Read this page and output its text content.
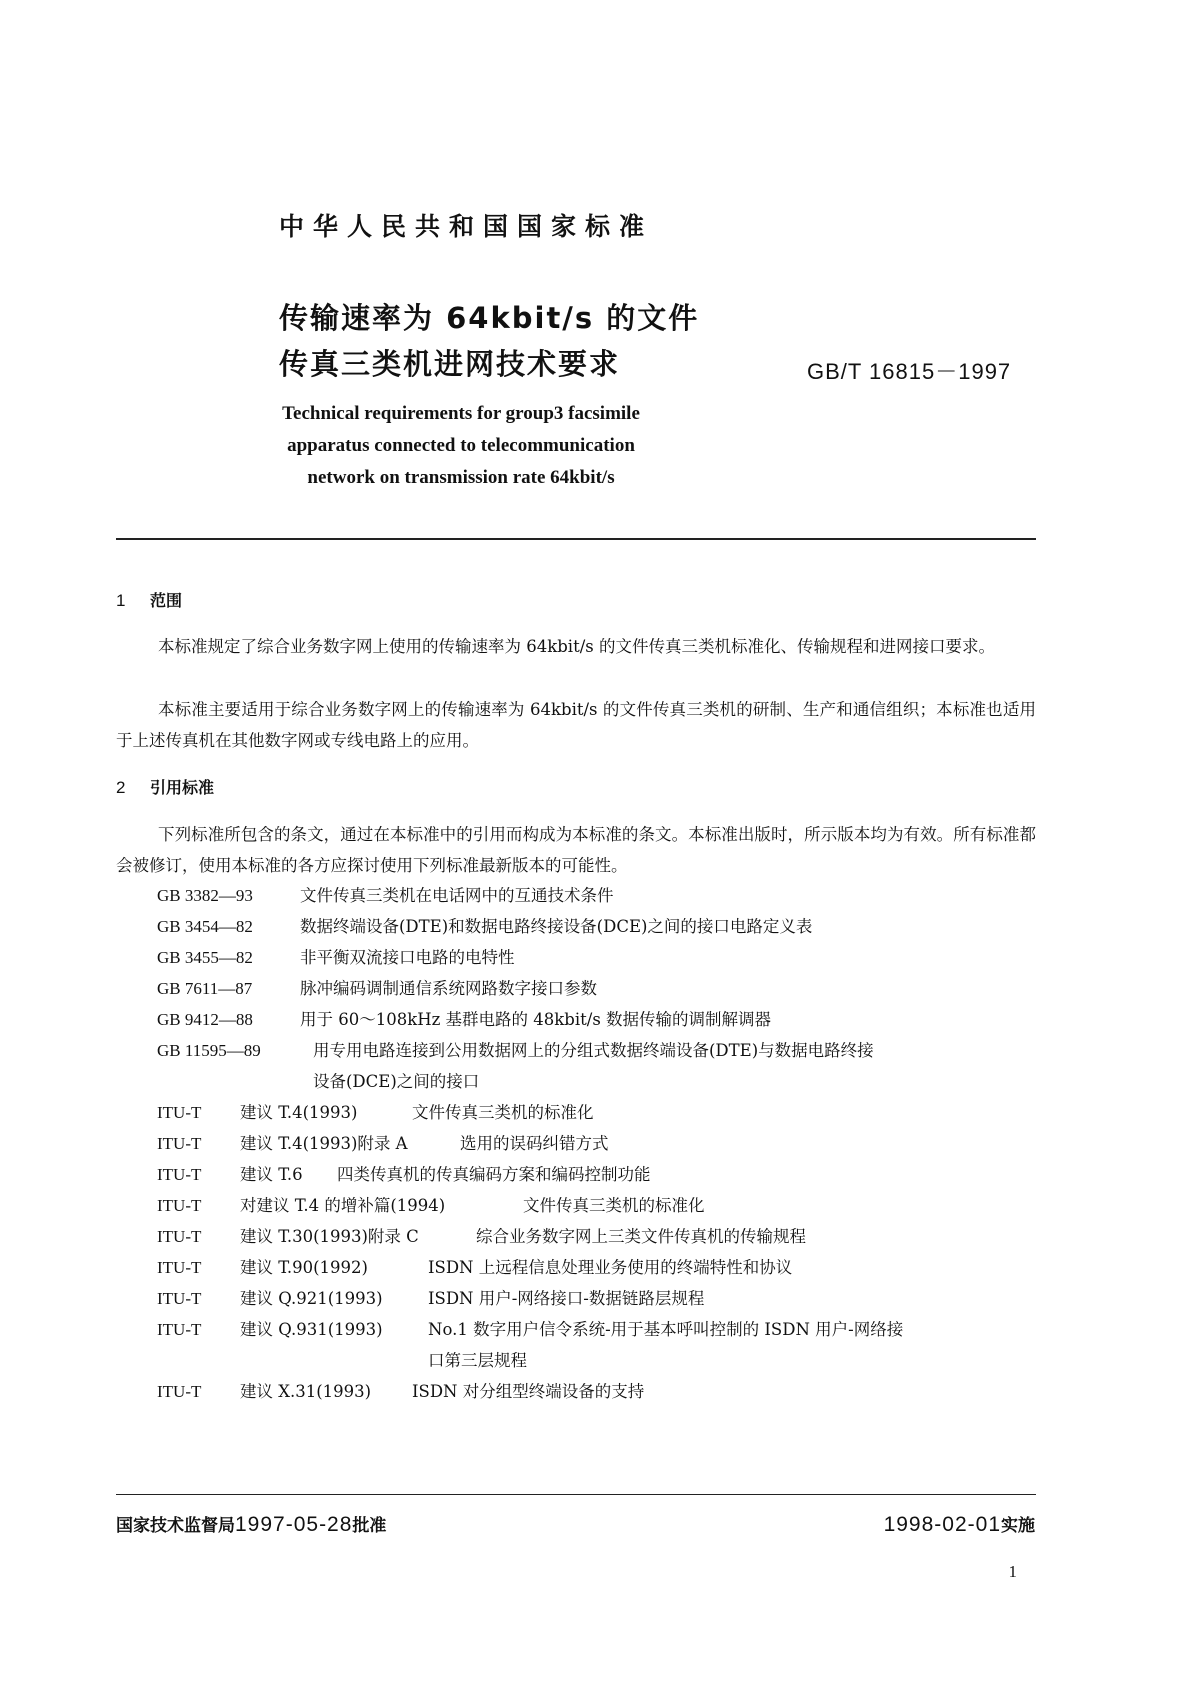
中华人民共和国国家标准
传输速率为 64kbit/s 的文件
传真三类机进网技术要求	GB/T 16815－1997
Technical requirements for group3 facsimile
apparatus connected to telecommunication
network on transmission rate 64kbit/s
1 范围
本标准规定了综合业务数字网上使用的传输速率为 64kbit/s 的文件传真三类机标准化、传输规程和进网接口要求。
本标准主要适用于综合业务数字网上的传输速率为 64kbit/s 的文件传真三类机的研制、生产和通信组织；本标准也适用于上述传真机在其他数字网或专线电路上的应用。
2 引用标准
下列标准所包含的条文，通过在本标准中的引用而构成为本标准的条文。本标准出版时，所示版本均为有效。所有标准都会被修订，使用本标准的各方应探讨使用下列标准最新版本的可能性。
GB 3382—93	文件传真三类机在电话网中的互通技术条件
GB 3454—82	数据终端设备(DTE)和数据电路终接设备(DCE)之间的接口电路定义表
GB 3455—82	非平衡双流接口电路的电特性
GB 7611—87	脉冲编码调制通信系统网路数字接口参数
GB 9412—88	用于 60～108kHz 基群电路的 48kbit/s 数据传输的调制解调器
GB 11595—89	用专用电路连接到公用数据网上的分组式数据终端设备(DTE)与数据电路终接
设备(DCE)之间的接口
ITU-T 建议 T.4(1993)	文件传真三类机的标准化
ITU-T 建议 T.4(1993)附录 A	选用的误码纠错方式
ITU-T 建议 T.6 四类传真机的传真编码方案和编码控制功能
ITU-T 对建议 T.4 的增补篇(1994)	文件传真三类机的标准化
ITU-T 建议 T.30(1993)附录 C	综合业务数字网上三类文件传真机的传输规程
ITU-T 建议 T.90(1992)	ISDN 上远程信息处理业务使用的终端特性和协议
ITU-T 建议 Q.921(1993)	ISDN 用户-网络接口-数据链路层规程
ITU-T 建议 Q.931(1993)	No.1 数字用户信令系统-用于基本呼叫控制的 ISDN 用户-网络接
口第三层规程
ITU-T 建议 X.31(1993) ISDN 对分组型终端设备的支持
国家技术监督局1997-05-28批准	1998-02-01实施
1
